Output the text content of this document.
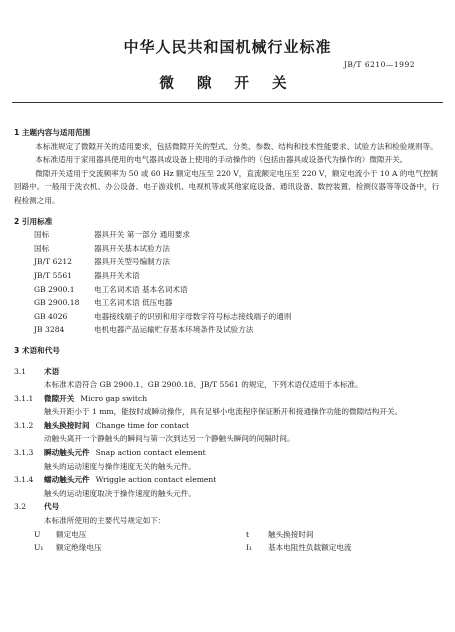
中华人民共和国机械行业标准
JB/T 6210—1992
微 隙 开 关

1 主题内容与适用范围

本标准规定了微隙开关的适用要求，包括微隙开关的型式、分类、参数、结构和技术性能要求、试验方法和检验规则等。

本标准适用于家用器具使用的电气器具或设备上使用的手动操作的（包括由器具或设备代为操作的）微隙开关。

微隙开关适用于交流频率为 50 或 60 Hz 额定电压至 220 V，直流额定电压至 220 V，额定电流小于 10 A 的电气控制回路中。一般用于洗衣机、办公设备、电子游戏机、电视机等或其他家庭设备、通讯设备、数控装置、检测仪器等等设备中，行程检测之用。

2 引用标准

国标	器具开关 第一部分 通用要求
国标	器具开关基本试验方法
JB/T 6212	器具开关型号编制方法
JB/T 5561	器具开关术语
GB 2900.1	电工名词术语 基本名词术语
GB 2900.18	电工名词术语 低压电器
GB 4026	电器接线端子的识别和用字母数字符号标志接线端子的通则
JB 3284	电机电器产品运输贮存基本环境条件及试验方法

3 术语和代号

3.1	术语

本标准术语符合 GB 2900.1、GB 2900.18、JB/T 5561 的规定，下列术语仅适用于本标准。

3.1.1	微隙开关 Micro gap switch

触头开距小于 1 mm，能按时或瞬动操作，具有足够小电流程序保证断开和接通操作功能的微隙结构开关。

3.1.2	触头换接时间 Change time for contact

动触头离开一个静触头的瞬间与第一次到达另一个静触头瞬间的间隔时间。

3.1.3	瞬动触头元件 Snap action contact element

触头的运动速度与操作速度无关的触头元件。

3.1.4	蠕动触头元件 Wriggle action contact element

触头的运动速度取决于操作速度的触头元件。

3.2	代号

本标准所使用的主要代号规定如下：

U	额定电压	t	触头换接时间
U₁	额定绝缘电压	I₁	基本电阻性负载额定电流
